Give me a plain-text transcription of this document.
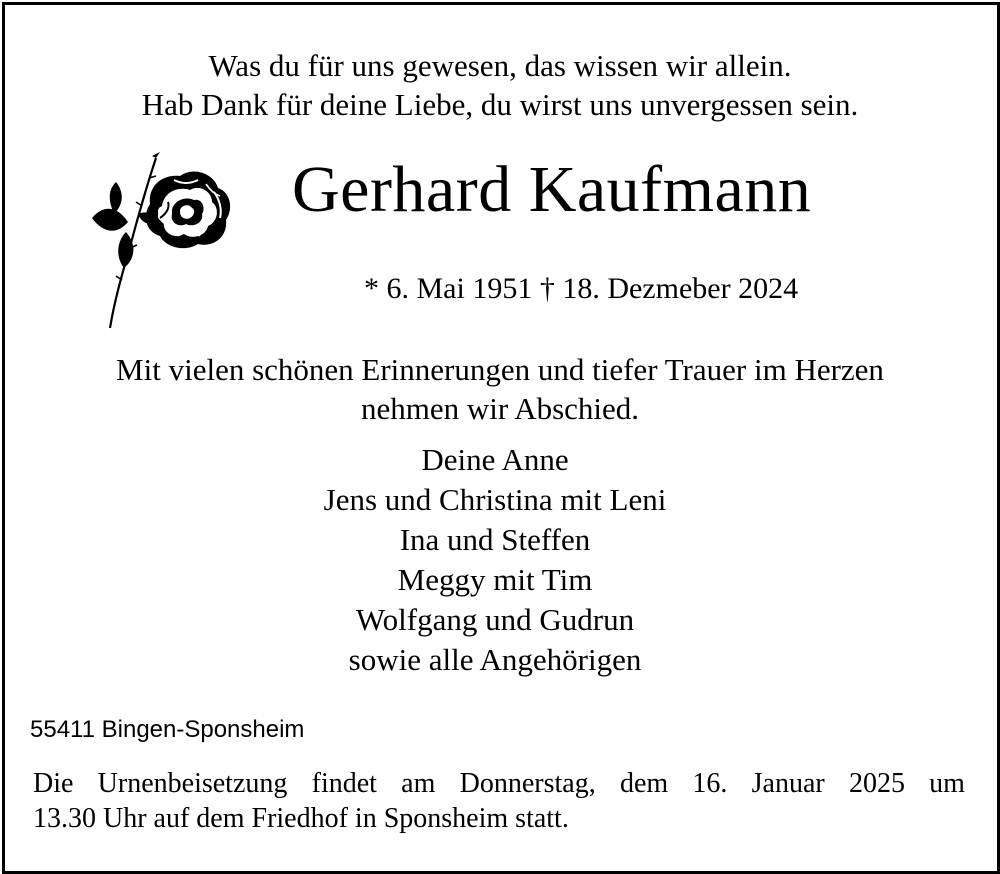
Was du für uns gewesen, das wissen wir allein.
Hab Dank für deine Liebe, du wirst uns unvergessen sein.
Gerhard Kaufmann
* 6. Mai 1951 † 18. Dezmeber 2024
Mit vielen schönen Erinnerungen und tiefer Trauer im Herzen
nehmen wir Abschied.
Deine Anne
Jens und Christina mit Leni
Ina und Steffen
Meggy mit Tim
Wolfgang und Gudrun
sowie alle Angehörigen
55411 Bingen-Sponsheim
Die Urnenbeisetzung findet am Donnerstag, dem 16. Januar 2025 um
13.30 Uhr auf dem Friedhof in Sponsheim statt.
